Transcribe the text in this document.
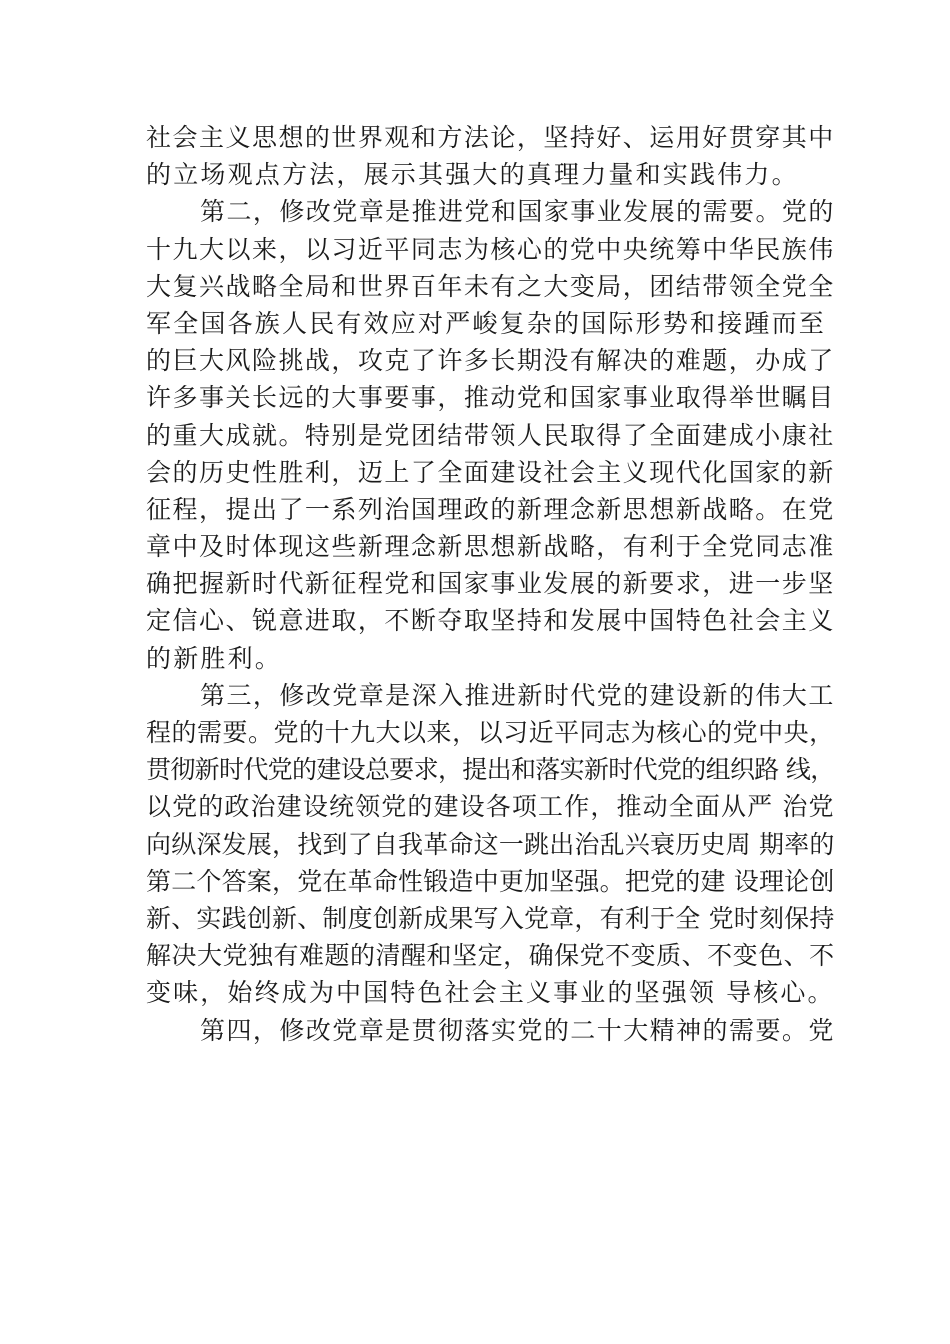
社会主义思想的世界观和方法论，坚持好、运用好贯穿其中
的立场观点方法，展示其强大的真理力量和实践伟力。
第二，修改党章是推进党和国家事业发展的需要。党的
十九大以来，以习近平同志为核心的党中央统筹中华民族伟
大复兴战略全局和世界百年未有之大变局，团结带领全党全
军全国各族人民有效应对严峻复杂的国际形势和接踵而至
的巨大风险挑战，攻克了许多长期没有解决的难题，办成了
许多事关长远的大事要事，推动党和国家事业取得举世瞩目
的重大成就。特别是党团结带领人民取得了全面建成小康社
会的历史性胜利，迈上了全面建设社会主义现代化国家的新
征程，提出了一系列治国理政的新理念新思想新战略。在党
章中及时体现这些新理念新思想新战略，有利于全党同志准
确把握新时代新征程党和国家事业发展的新要求，进一步坚
定信心、锐意进取，不断夺取坚持和发展中国特色社会主义
的新胜利。
第三，修改党章是深入推进新时代党的建设新的伟大工
程的需要。党的十九大以来，以习近平同志为核心的党中央，
贯彻新时代党的建设总要求，提出和落实新时代党的组织路 线，
以党的政治建设统领党的建设各项工作，推动全面从严 治党
向纵深发展，找到了自我革命这一跳出治乱兴衰历史周 期率的
第二个答案，党在革命性锻造中更加坚强。把党的建 设理论创
新、实践创新、制度创新成果写入党章，有利于全 党时刻保持
解决大党独有难题的清醒和坚定，确保党不变质、不变色、不
变味，始终成为中国特色社会主义事业的坚强领 导核心。
第四，修改党章是贯彻落实党的二十大精神的需要。党
